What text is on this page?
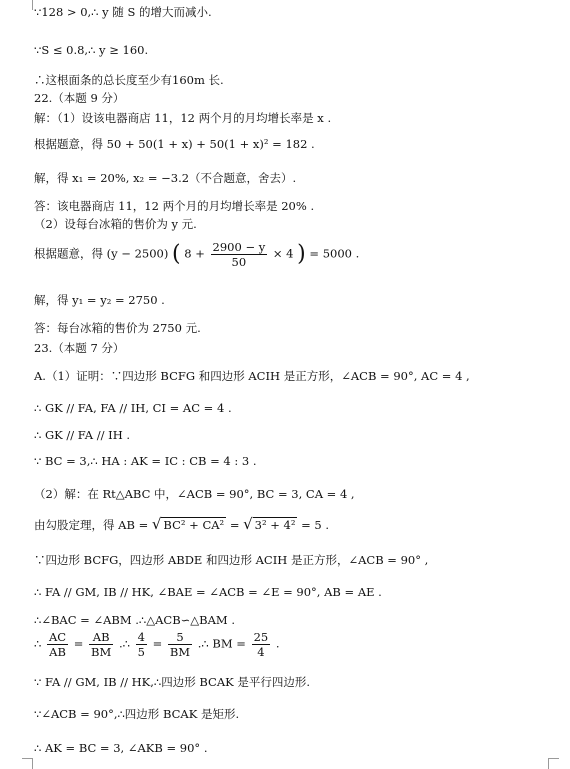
∵128 > 0,∴ y 随 S 的增大而减小.
∵S ≤ 0.8,∴ y ≥ 160.
∴这根面条的总长度至少有160m 长.
22.（本题 9 分）
解：（1）设该电器商店 11，12 两个月的月均增长率是 x .
根据题意，得 50 + 50(1 + x) + 50(1 + x)² = 182 .
解，得 x₁ = 20%, x₂ = −3.2（不合题意，舍去）.
答：该电器商店 11，12 两个月的月均增长率是 20% .
（2）设每台冰箱的售价为 y 元.
根据题意，得 (y − 2500) ( $8 + \frac{2900 - y}{50} \times 4$ ) = 5000 .
解，得 y₁ = y₂ = 2750 .
答：每台冰箱的售价为 2750 元.
23.（本题 7 分）
A.（1）证明：∵四边形 BCFG 和四边形 ACIH 是正方形，∠ACB = 90°, AC = 4 ,
∴ GK // FA, FA // IH, CI = AC = 4 .
∴ GK // FA // IH .
∵ BC = 3,∴ HA : AK = IC : CB = 4 : 3 .
（2）解：在 Rt△ABC 中，∠ACB = 90°, BC = 3, CA = 4 ,
由勾股定理，得 AB = √ BC² + CA² = √ 3² + 4² = 5 .
∵四边形 BCFG，四边形 ABDE 和四边形 ACIH 是正方形，∠ACB = 90° ,
∴ FA // GM, IB // HK, ∠BAE = ∠ACB = ∠E = 90°, AB = AE .
∴∠BAC = ∠ABM .∴△ACB∽△BAM .
∴ $\frac{AC}{AB} = \frac{AB}{BM}$ .∴ $\frac{4}{5} = \frac{5}{BM}$ .∴ BM = $\frac{25}{4}$ .
∵ FA // GM, IB // HK,∴四边形 BCAK 是平行四边形.
∵∠ACB = 90°,∴四边形 BCAK 是矩形.
∴ AK = BC = 3, ∠AKB = 90° .
